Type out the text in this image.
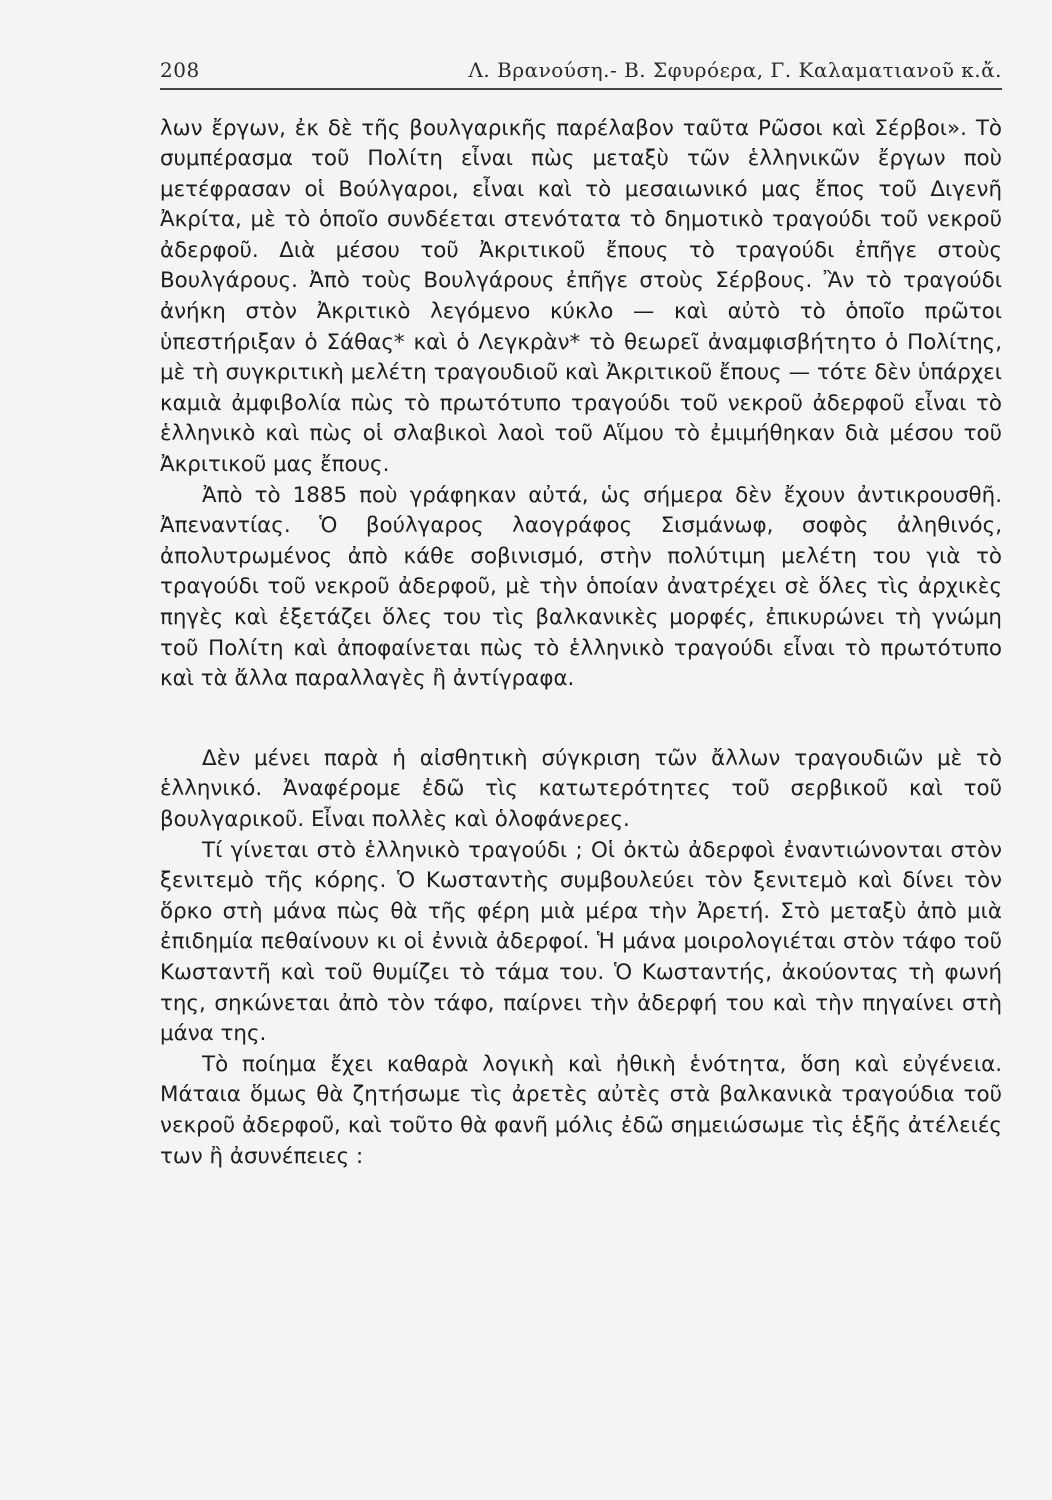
208	Λ. Βρανούση.- Β. Σφυρόερα, Γ. Καλαματιανοῦ κ.ἄ.

λων ἔργων, ἐκ δὲ τῆς βουλγαρικῆς παρέλαβον ταῦτα Ρῶσοι καὶ Σέρβοι». Τὸ συμπέρασμα τοῦ Πολίτη εἶναι πὼς μεταξὺ τῶν ἑλληνικῶν ἔργων ποὺ μετέφρασαν οἱ Βούλγαροι, εἶναι καὶ τὸ μεσαιωνικό μας ἔπος τοῦ Διγενῆ Ἀκρίτα, μὲ τὸ ὁποῖο συνδέεται στενότατα τὸ δημοτικὸ τραγούδι τοῦ νεκροῦ ἀδερφοῦ. Διὰ μέσου τοῦ Ἀκριτικοῦ ἔπους τὸ τραγούδι ἐπῆγε στοὺς Βουλγάρους. Ἀπὸ τοὺς Βουλγάρους ἐπῆγε στοὺς Σέρβους. Ἂν τὸ τραγούδι ἀνήκη στὸν Ἀκριτικὸ λεγόμενο κύκλο — καὶ αὐτὸ τὸ ὁποῖο πρῶτοι ὑπεστήριξαν ὁ Σάθας* καὶ ὁ Λεγκρὰν* τὸ θεωρεῖ ἀναμφισβήτητο ὁ Πολίτης, μὲ τὴ συγκριτικὴ μελέτη τραγουδιοῦ καὶ Ἀκριτικοῦ ἔπους — τότε δὲν ὑπάρχει καμιὰ ἀμφιβολία πὼς τὸ πρωτότυπο τραγούδι τοῦ νεκροῦ ἀδερφοῦ εἶναι τὸ ἑλληνικὸ καὶ πὼς οἱ σλαβικοὶ λαοὶ τοῦ Αἵμου τὸ ἐμιμήθηκαν διὰ μέσου τοῦ Ἀκριτικοῦ μας ἔπους.

Ἀπὸ τὸ 1885 ποὺ γράφηκαν αὐτά, ὡς σήμερα δὲν ἔχουν ἀντικρουσθῆ. Ἀπεναντίας. Ὁ βούλγαρος λαογράφος Σισμάνωφ, σοφὸς ἀληθινός, ἀπολυτρωμένος ἀπὸ κάθε σοβινισμό, στὴν πολύτιμη μελέτη του γιὰ τὸ τραγούδι τοῦ νεκροῦ ἀδερφοῦ, μὲ τὴν ὁποίαν ἀνατρέχει σὲ ὅλες τὶς ἀρχικὲς πηγὲς καὶ ἐξετάζει ὅλες του τὶς βαλκανικὲς μορφές, ἐπικυρώνει τὴ γνώμη τοῦ Πολίτη καὶ ἀποφαίνεται πὼς τὸ ἑλληνικὸ τραγούδι εἶναι τὸ πρωτότυπο καὶ τὰ ἄλλα παραλλαγὲς ἢ ἀντίγραφα.

Δὲν μένει παρὰ ἡ αἰσθητικὴ σύγκριση τῶν ἄλλων τραγουδιῶν μὲ τὸ ἑλληνικό. Ἀναφέρομε ἐδῶ τὶς κατωτερότητες τοῦ σερβικοῦ καὶ τοῦ βουλγαρικοῦ. Εἶναι πολλὲς καὶ ὁλοφάνερες.

Τί γίνεται στὸ ἑλληνικὸ τραγούδι ; Οἱ ὀκτὼ ἀδερφοὶ ἐναντιώνονται στὸν ξενιτεμὸ τῆς κόρης. Ὁ Κωσταντὴς συμβουλεύει τὸν ξενιτεμὸ καὶ δίνει τὸν ὅρκο στὴ μάνα πὼς θὰ τῆς φέρη μιὰ μέρα τὴν Ἀρετή. Στὸ μεταξὺ ἀπὸ μιὰ ἐπιδημία πεθαίνουν κι οἱ ἐννιὰ ἀδερφοί. Ἡ μάνα μοιρολογιέται στὸν τάφο τοῦ Κωσταντῆ καὶ τοῦ θυμίζει τὸ τάμα του. Ὁ Κωσταντής, ἀκούοντας τὴ φωνή της, σηκώνεται ἀπὸ τὸν τάφο, παίρνει τὴν ἀδερφή του καὶ τὴν πηγαίνει στὴ μάνα της.

Τὸ ποίημα ἔχει καθαρὰ λογικὴ καὶ ἠθικὴ ἑνότητα, ὅση καὶ εὐγένεια. Μάταια ὅμως θὰ ζητήσωμε τὶς ἀρετὲς αὐτὲς στὰ βαλκανικὰ τραγούδια τοῦ νεκροῦ ἀδερφοῦ, καὶ τοῦτο θὰ φανῆ μόλις ἐδῶ σημειώσωμε τὶς ἑξῆς ἀτέλειές των ἢ ἀσυνέπειες :
